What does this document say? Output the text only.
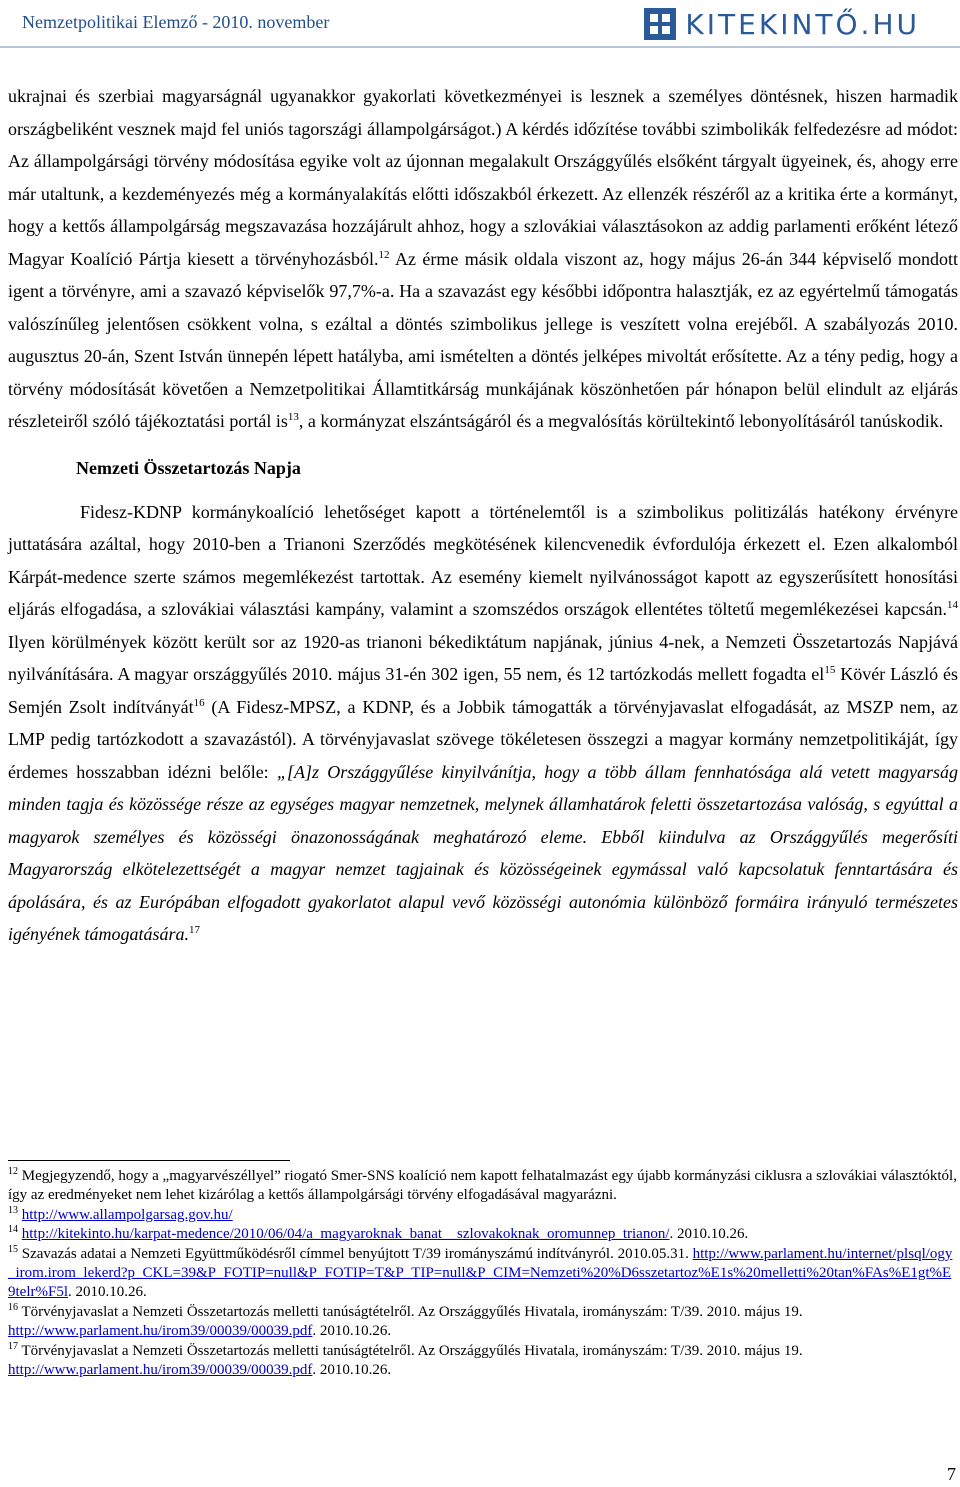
Nemzetpolitikai Elemző - 2010. november	KITEKINTŐ.HU

ukrajnai és szerbiai magyarságnál ugyanakkor gyakorlati következményei is lesznek a személyes döntésnek, hiszen harmadik országbeliként vesznek majd fel uniós tagországi állampolgárságot.) A kérdés időzítése további szimbolikák felfedezésre ad módot: Az állampolgársági törvény módosítása egyike volt az újonnan megalakult Országgyűlés elsőként tárgyalt ügyeinek, és, ahogy erre már utaltunk, a kezdeményezés még a kormányalakítás előtti időszakból érkezett. Az ellenzék részéről az a kritika érte a kormányt, hogy a kettős állampolgárság megszavazása hozzájárult ahhoz, hogy a szlovákiai választásokon az addig parlamenti erőként létező Magyar Koalíció Pártja kiesett a törvényhozásból.$^{12}$ Az érme másik oldala viszont az, hogy május 26-án 344 képviselő mondott igent a törvényre, ami a szavazó képviselők 97,7%-a. Ha a szavazást egy későbbi időpontra halasztják, ez az egyértelmű támogatás valószínűleg jelentősen csökkent volna, s ezáltal a döntés szimbolikus jellege is veszített volna erejéből. A szabályozás 2010. augusztus 20-án, Szent István ünnepén lépett hatályba, ami ismételten a döntés jelképes mivoltát erősítette. Az a tény pedig, hogy a törvény módosítását követően a Nemzetpolitikai Államtitkárság munkájának köszönhetően pár hónapon belül elindult az eljárás részleteiről szóló tájékoztatási portál $is^{13}$, a kormányzat elszántságáról és a megvalósítás körültekintő lebonyolításáról tanúskodik.

Nemzeti Összetartozás Napja

Fidesz-KDNP kormánykoalíció lehetőséget kapott a történelemtől is a szimbolikus politizálás hatékony érvényre juttatására azáltal, hogy 2010-ben a Trianoni Szerződés megkötésének kilencvenedik évfordulója érkezett el. Ezen alkalomból Kárpát-medence szerte számos megemlékezést tartottak. Az esemény kiemelt nyilvánosságot kapott az egyszerűsített honosítási eljárás elfogadása, a szlovákiai választási kampány, valamint a szomszédos országok ellentétes töltetű megemlékezései kapcsán.$^{14}$ Ilyen körülmények között került sor az 1920-as trianoni békediktátum napjának, június 4-nek, a Nemzeti Összetartozás Napjává nyilvánítására. A magyar országgyűlés 2010. május 31-én 302 igen, 55 nem, és 12 tartózkodás mellett fogadta $el^{15}$ Kövér László és Semjén Zsolt indítványát$^{16}$ (A Fidesz-MPSZ, a KDNP, és a Jobbik támogatták a törvényjavaslat elfogadását, az MSZP nem, az LMP pedig tartózkodott a szavazástól). A törvényjavaslat szövege tökéletesen összegzi a magyar kormány nemzetpolitikáját, így érdemes hosszabban idézni belőle: „[A]z Országgyűlése kinyilvánítja, hogy a több állam fennhatósága alá vetett magyarság minden tagja és közössége része az egységes magyar nemzetnek, melynek államhatárok feletti összetartozása valóság, s egyúttal a magyarok személyes és közösségi önazonosságának meghatározó eleme. Ebből kiindulva az Országgyűlés megerősíti Magyarország elkötelezettségét a magyar nemzet tagjainak és közösségeinek egymással való kapcsolatuk fenntartására és ápolására, és az Európában elfogadott gyakorlatot alapul vevő közösségi autonómia különböző formáira irányuló természetes igényének támogatására.$^{17}$

$^{12}$ Megjegyzendő, hogy a „magyarvészéllyel” riogató Smer-SNS koalíció nem kapott felhatalmazást egy újabb kormányzási ciklusra a szlovákiai választóktól, így az eredményeket nem lehet kizárólag a kettős állampolgársági törvény elfogadásával magyarázni.

$^{13}$ http://www.allampolgarsag.gov.hu/

$^{14}$ http://kitekinto.hu/karpat-medence/2010/06/04/a_magyaroknak_banat__szlovakoknak_oromunnep_trianon/. 2010.10.26.

$^{15}$ Szavazás adatai a Nemzeti Együttműködésről címmel benyújtott T/39 irományszámú indítványról. 2010.05.31. http://www.parlament.hu/internet/plsql/ogy_irom.irom_lekerd?p_CKL=39&P_FOTIP=null&P_FOTIP=T&P_TIP=null&P_CIM=Nemzeti%20%D6sszetartoz%E1s%20melletti%20tan%FAs%E1gt%E9telr%F5l. 2010.10.26.

$^{16}$ Törvényjavaslat a Nemzeti Összetartozás melletti tanúságtételről. Az Országgyűlés Hivatala, irományszám: T/39. 2010. május 19. http://www.parlament.hu/irom39/00039/00039.pdf. 2010.10.26.

$^{17}$ Törvényjavaslat a Nemzeti Összetartozás melletti tanúságtételről. Az Országgyűlés Hivatala, irományszám: T/39. 2010. május 19. http://www.parlament.hu/irom39/00039/00039.pdf. 2010.10.26.

7
